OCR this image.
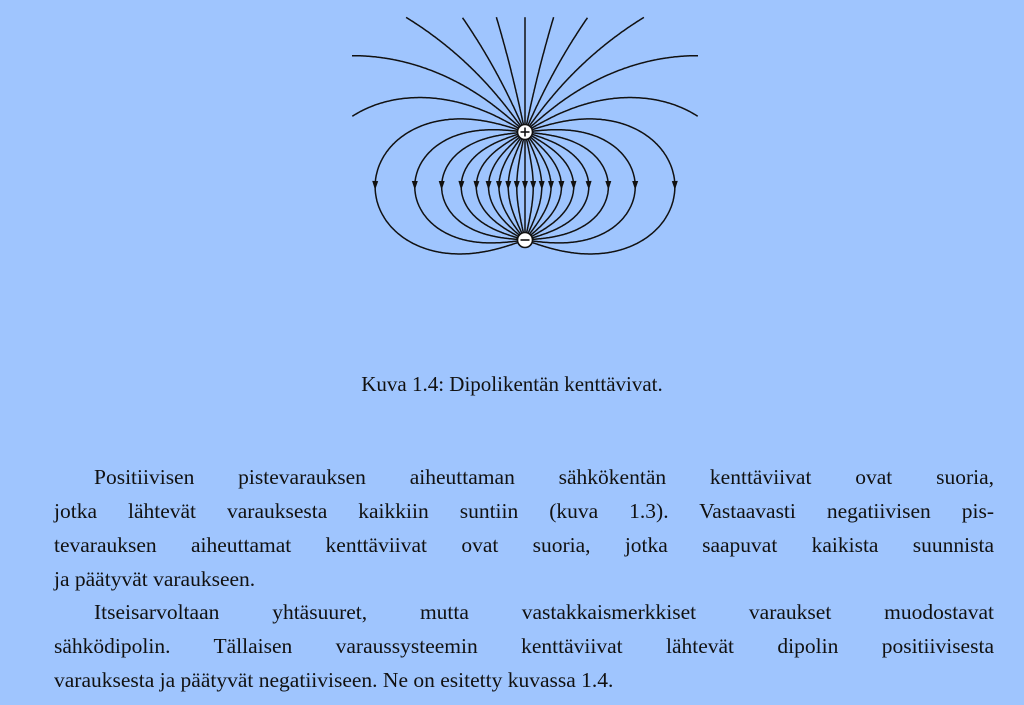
Kuva 1.4: Dipolikentän kenttävivat.
Positiivisen pistevarauksen aiheuttaman sähkökentän kenttäviivat ovat suoria,
jotka lähtevät varauksesta kaikkiin suntiin (kuva 1.3). Vastaavasti negatiivisen pis-
tevarauksen aiheuttamat kenttäviivat ovat suoria, jotka saapuvat kaikista suunnista
ja päätyvät varaukseen.
Itseisarvoltaan yhtäsuuret, mutta vastakkaismerkkiset varaukset muodostavat
sähködipolin. Tällaisen varaussysteemin kenttäviivat lähtevät dipolin positiivisesta
varauksesta ja päätyvät negatiiviseen. Ne on esitetty kuvassa 1.4.
